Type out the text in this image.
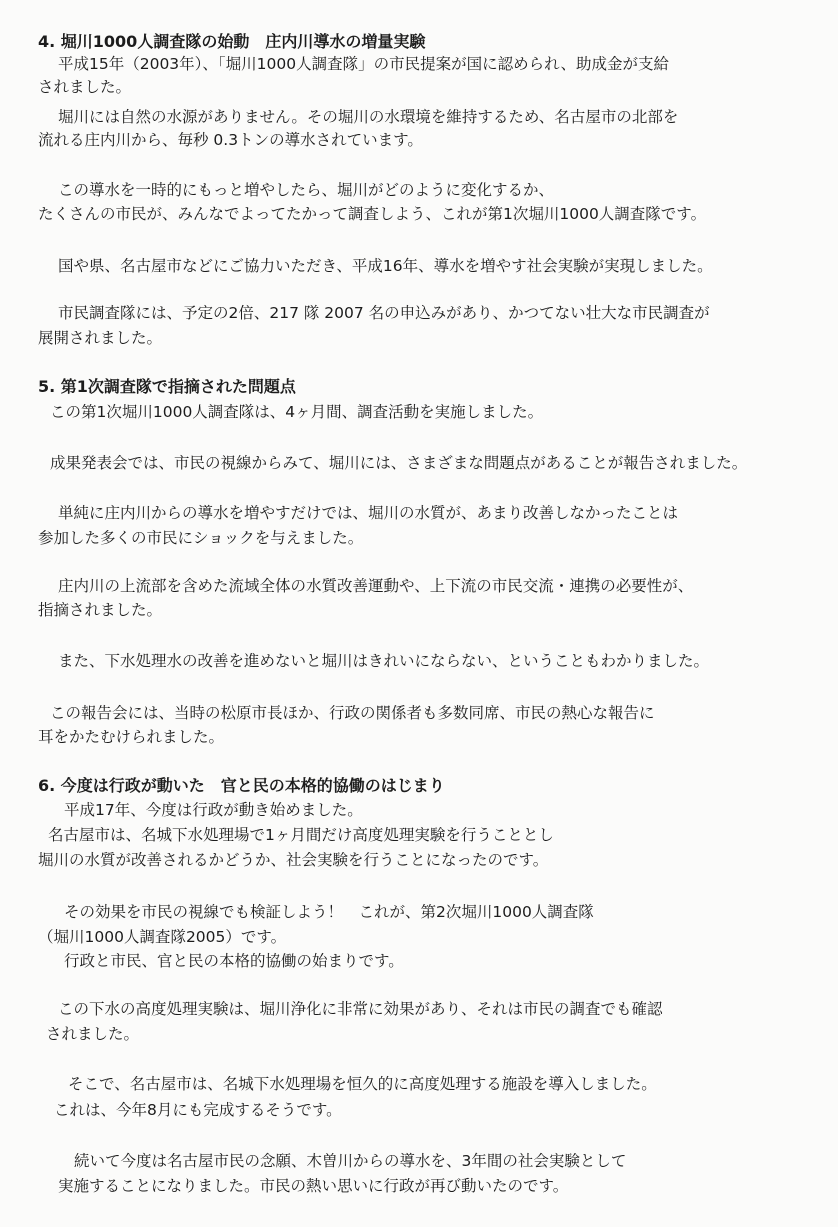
4. 堀川1000人調査隊の始動　庄内川導水の増量実験
平成15年（2003年）、「堀川1000人調査隊」の市民提案が国に認められ、助成金が支給
されました。
堀川には自然の水源がありません。その堀川の水環境を維持するため、名古屋市の北部を
流れる庄内川から、毎秒 0.3トンの導水されています。
この導水を一時的にもっと増やしたら、堀川がどのように変化するか、
たくさんの市民が、みんなでよってたかって調査しよう、これが第1次堀川1000人調査隊です。
国や県、名古屋市などにご協力いただき、平成16年、導水を増やす社会実験が実現しました。
市民調査隊には、予定の2倍、217 隊 2007 名の申込みがあり、かつてない壮大な市民調査が
展開されました。
5. 第1次調査隊で指摘された問題点
この第1次堀川1000人調査隊は、4ヶ月間、調査活動を実施しました。
成果発表会では、市民の視線からみて、堀川には、さまざまな問題点があることが報告されました。
単純に庄内川からの導水を増やすだけでは、堀川の水質が、あまり改善しなかったことは
参加した多くの市民にショックを与えました。
庄内川の上流部を含めた流域全体の水質改善運動や、上下流の市民交流・連携の必要性が、
指摘されました。
また、下水処理水の改善を進めないと堀川はきれいにならない、ということもわかりました。
この報告会には、当時の松原市長ほか、行政の関係者も多数同席、市民の熱心な報告に
耳をかたむけられました。
6. 今度は行政が動いた　官と民の本格的協働のはじまり
平成17年、今度は行政が動き始めました。
名古屋市は、名城下水処理場で1ヶ月間だけ高度処理実験を行うこととし
堀川の水質が改善されるかどうか、社会実験を行うことになったのです。
その効果を市民の視線でも検証しよう！　これが、第2次堀川1000人調査隊
（堀川1000人調査隊2005）です。
行政と市民、官と民の本格的協働の始まりです。
この下水の高度処理実験は、堀川浄化に非常に効果があり、それは市民の調査でも確認
されました。
そこで、名古屋市は、名城下水処理場を恒久的に高度処理する施設を導入しました。
これは、今年8月にも完成するそうです。
続いて今度は名古屋市民の念願、木曽川からの導水を、3年間の社会実験として
実施することになりました。市民の熱い思いに行政が再び動いたのです。
